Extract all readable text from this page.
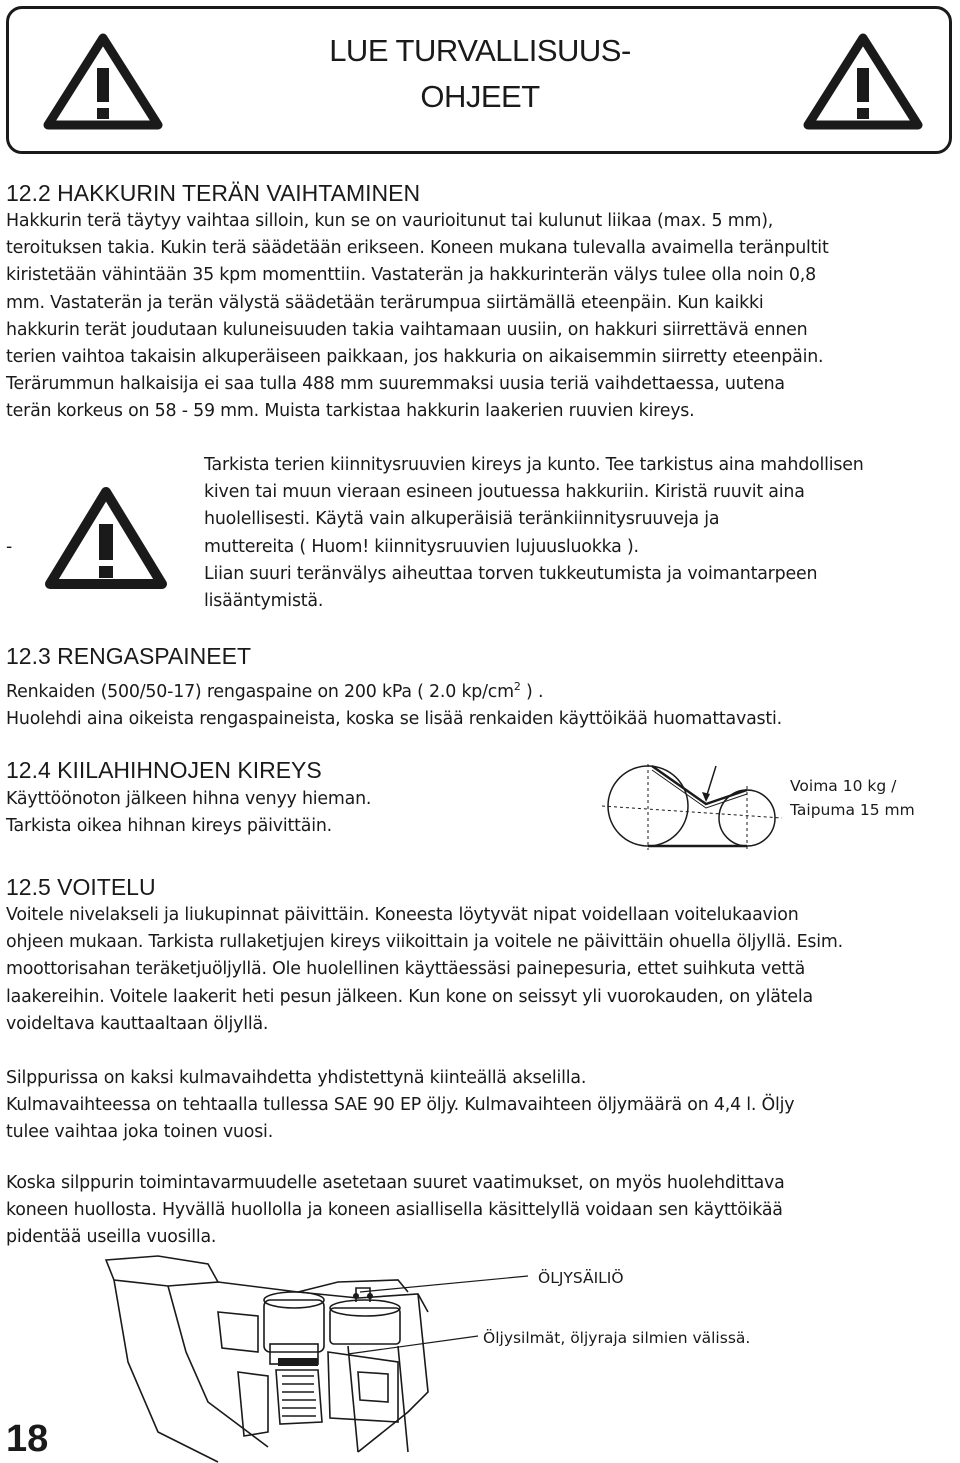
LUE TURVALLISUUS-
OHJEET
12.2 HAKKURIN TERÄN VAIHTAMINEN

Hakkurin terä täytyy vaihtaa silloin, kun se on vaurioitunut tai kulunut liikaa (max. 5 mm),

teroituksen takia. Kukin terä säädetään erikseen. Koneen mukana tulevalla avaimella teränpultit

kiristetään vähintään 35 kpm momenttiin. Vastaterän ja hakkurinterän välys tulee olla noin 0,8

mm. Vastaterän ja terän välystä säädetään terärumpua siirtämällä eteenpäin. Kun kaikki

hakkurin terät joudutaan kuluneisuuden takia vaihtamaan uusiin, on hakkuri siirrettävä ennen

terien vaihtoa takaisin alkuperäiseen paikkaan, jos hakkuria on aikaisemmin siirretty eteenpäin.

Terärummun halkaisija ei saa tulla 488 mm suuremmaksi uusia teriä vaihdettaessa, uutena

terän korkeus on 58 - 59 mm. Muista tarkistaa hakkurin laakerien ruuvien kireys.

-

Tarkista terien kiinnitysruuvien kireys ja kunto. Tee tarkistus aina mahdollisen

kiven tai muun vieraan esineen joutuessa hakkuriin. Kiristä ruuvit aina

huolellisesti. Käytä vain alkuperäisiä teränkiinnitysruuveja ja

muttereita ( Huom! kiinnitysruuvien lujuusluokka ).

Liian suuri teränvälys aiheuttaa torven tukkeutumista ja voimantarpeen

lisääntymistä.

12.3 RENGASPAINEET

Renkaiden (500/50-17) rengaspaine on 200 kPa ( 2.0 $kp/cm^2$ ) .

Huolehdi aina oikeista rengaspaineista, koska se lisää renkaiden käyttöikää huomattavasti.

12.4 KIILAHIHNOJEN KIREYS

Käyttöönoton jälkeen hihna venyy hieman.

Tarkista oikea hihnan kireys päivittäin.

Voima 10 kg /
Taipuma 15 mm
12.5 VOITELU

Voitele nivelakseli ja liukupinnat päivittäin. Koneesta löytyvät nipat voidellaan voitelukaavion

ohjeen mukaan. Tarkista rullaketjujen kireys viikoittain ja voitele ne päivittäin ohuella öljyllä. Esim.

moottorisahan teräketjuöljyllä. Ole huolellinen käyttäessäsi painepesuria, ettet suihkuta vettä

laakereihin. Voitele laakerit heti pesun jälkeen. Kun kone on seissyt yli vuorokauden, on ylätela

voideltava kauttaaltaan öljyllä.

Silppurissa on kaksi kulmavaihdetta yhdistettynä kiinteällä akselilla.

Kulmavaihteessa on tehtaalla tullessa SAE 90 EP öljy. Kulmavaihteen öljymäärä on 4,4 l. Öljy

tulee vaihtaa joka toinen vuosi.

Koska silppurin toimintavarmuudelle asetetaan suuret vaatimukset, on myös huolehdittava

koneen huollosta. Hyvällä huollolla ja koneen asiallisella käsittelyllä voidaan sen käyttöikää

pidentää useilla vuosilla.

ÖLJYSÄILIÖ
Öljysilmät, öljyraja silmien välissä.
18
